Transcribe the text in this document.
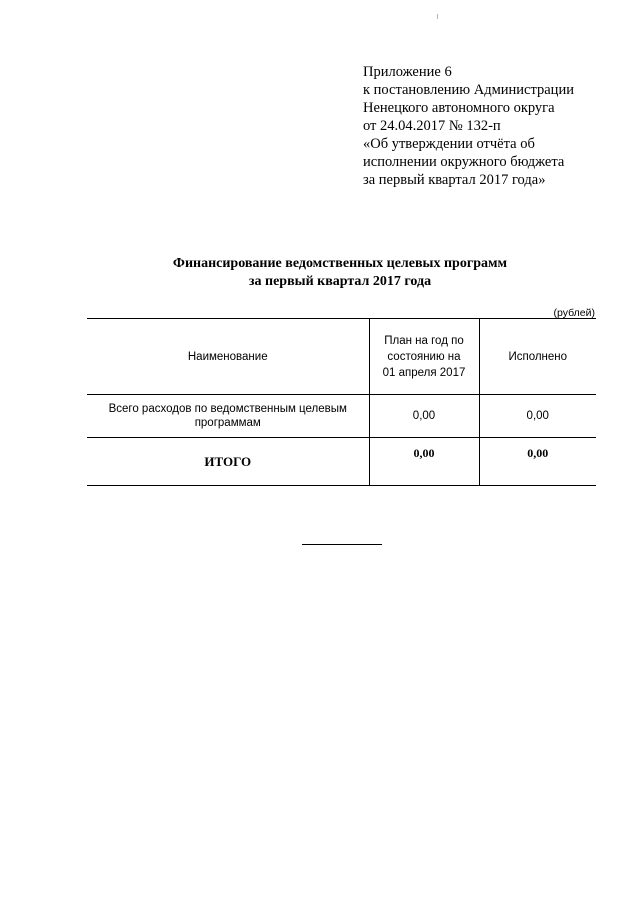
Приложение 6
к постановлению Администрации
Ненецкого автономного округа
от 24.04.2017 № 132-п
«Об утверждении отчёта об
исполнении окружного бюджета
за первый квартал 2017 года»
Финансирование ведомственных целевых программ
за первый квартал 2017 года
(рублей)
Наименование	План на год по
состоянию на
01 апреля 2017	Исполнено

Всего расходов по ведомственным целевым
программам	0,00	0,00
ИТОГО	0,00	0,00
